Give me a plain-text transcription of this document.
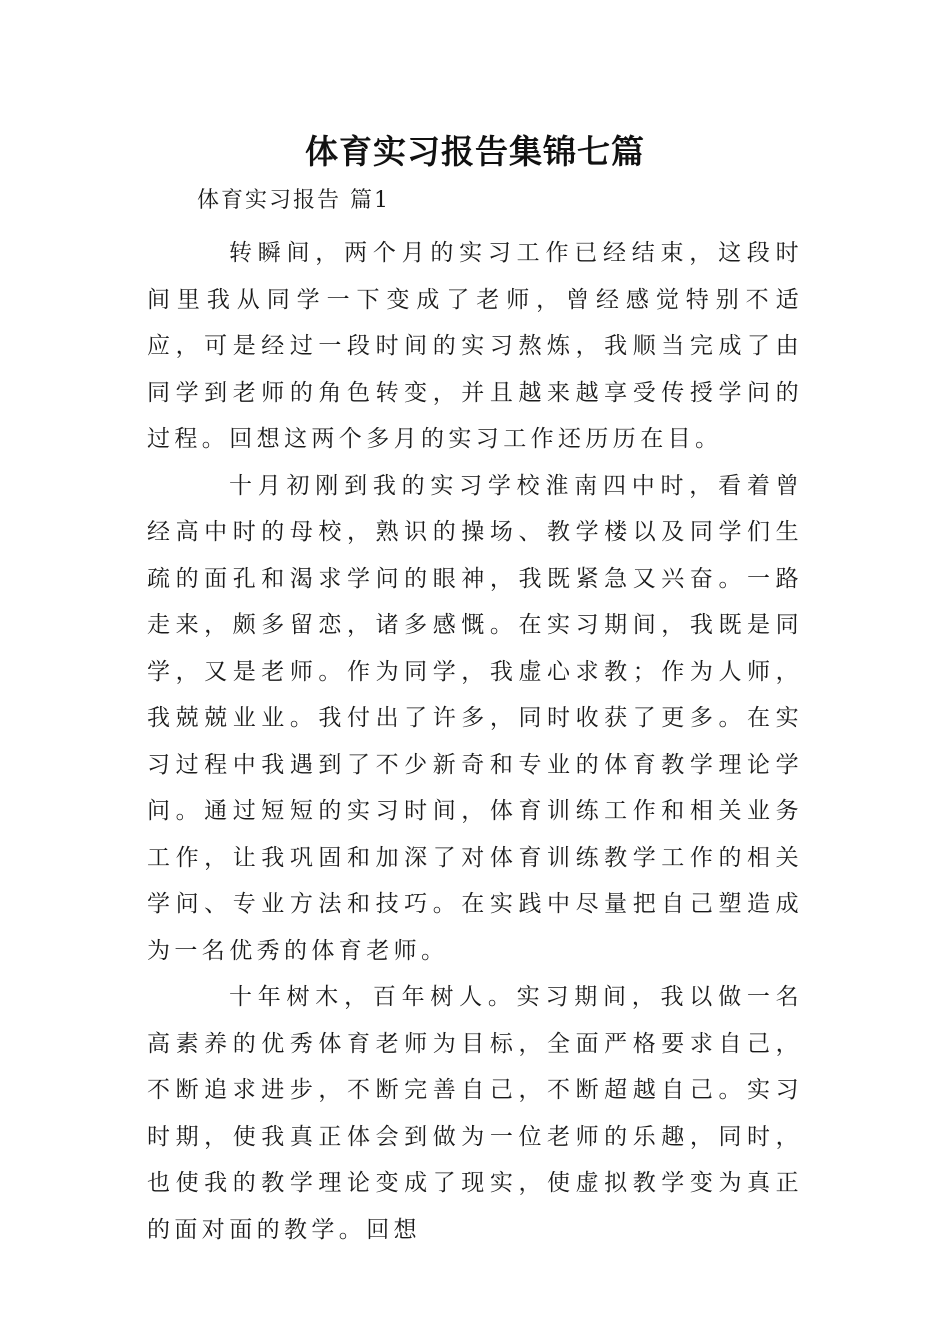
体育实习报告集锦七篇
体育实习报告 篇1

转瞬间，两个月的实习工作已经结束，这段时间里我从同学一下变成了老师，曾经感觉特别不适应，可是经过一段时间的实习熬炼，我顺当完成了由同学到老师的角色转变，并且越来越享受传授学问的过程。回想这两个多月的实习工作还历历在目。

十月初刚到我的实习学校淮南四中时，看着曾经高中时的母校，熟识的操场、教学楼以及同学们生疏的面孔和渴求学问的眼神，我既紧急又兴奋。一路走来，颇多留恋，诸多感慨。在实习期间，我既是同学，又是老师。作为同学，我虚心求教；作为人师，我兢兢业业。我付出了许多，同时收获了更多。在实习过程中我遇到了不少新奇和专业的体育教学理论学问。通过短短的实习时间，体育训练工作和相关业务工作，让我巩固和加深了对体育训练教学工作的相关学问、专业方法和技巧。在实践中尽量把自己塑造成为一名优秀的体育老师。

十年树木，百年树人。实习期间，我以做一名高素养的优秀体育老师为目标，全面严格要求自己，不断追求进步，不断完善自己，不断超越自己。实习时期，使我真正体会到做为一位老师的乐趣，同时，也使我的教学理论变成了现实，使虚拟教学变为真正的面对面的教学。回想
